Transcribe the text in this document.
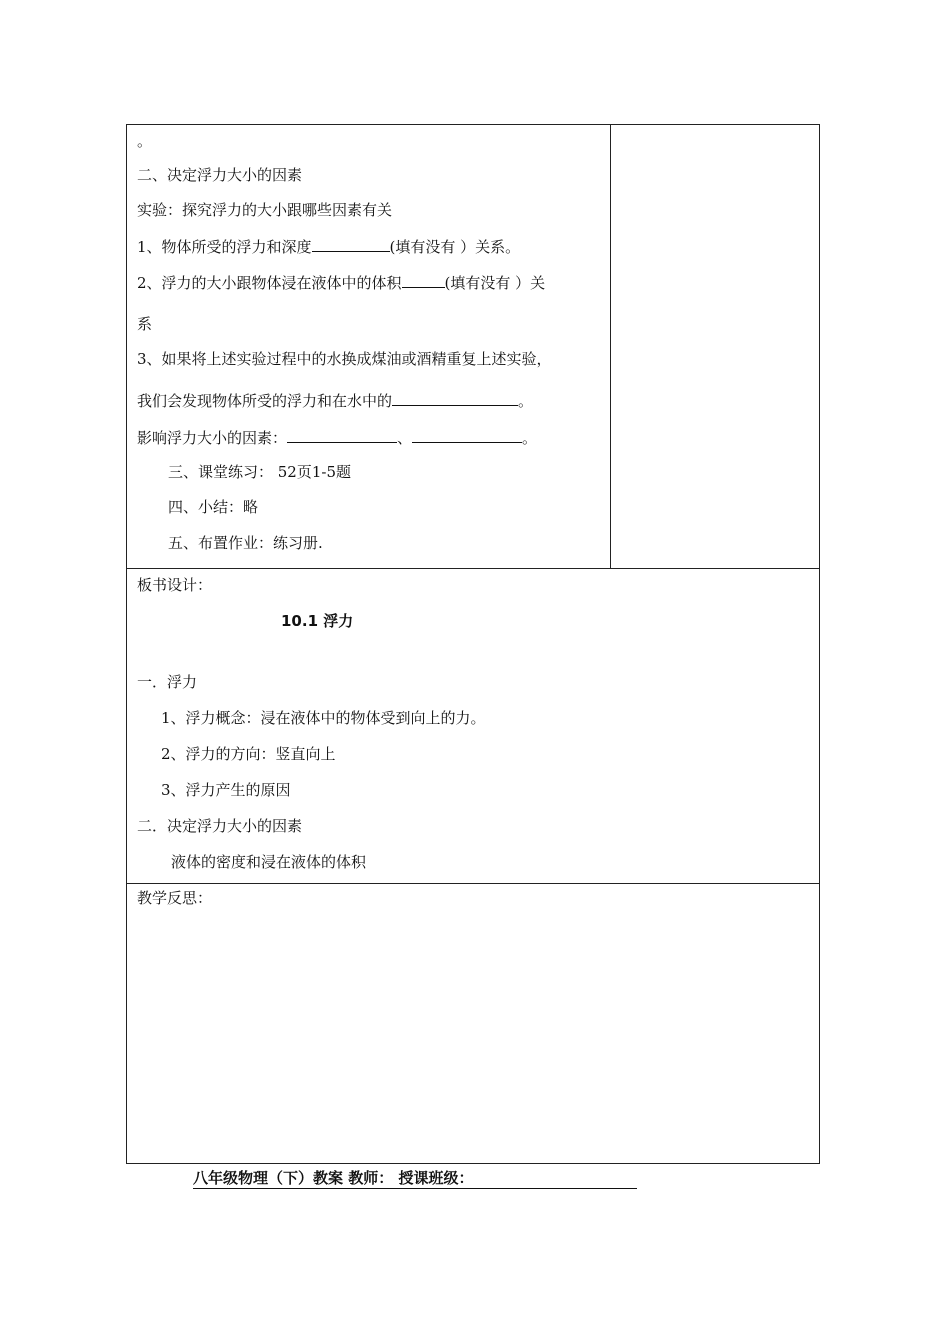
。
二、决定浮力大小的因素
实验：探究浮力的大小跟哪些因素有关
1、物体所受的浮力和深度	(填有没有 ）关系。
2、浮力的大小跟物体浸在液体中的体积	(填有没有 ）关
系
3、如果将上述实验过程中的水换成煤油或酒精重复上述实验，
我们会发现物体所受的浮力和在水中的	。
影响浮力大小的因素：	、	。
三、课堂练习： 52页1-5题
四、小结：略
五、布置作业：练习册.
板书设计：
10.1 浮力
一．浮力
1、浮力概念：浸在液体中的物体受到向上的力。
2、浮力的方向：竖直向上
3、浮力产生的原因
二．决定浮力大小的因素
液体的密度和浸在液体的体积
教学反思：
八年级物理（下）教案 教师： 授课班级：
